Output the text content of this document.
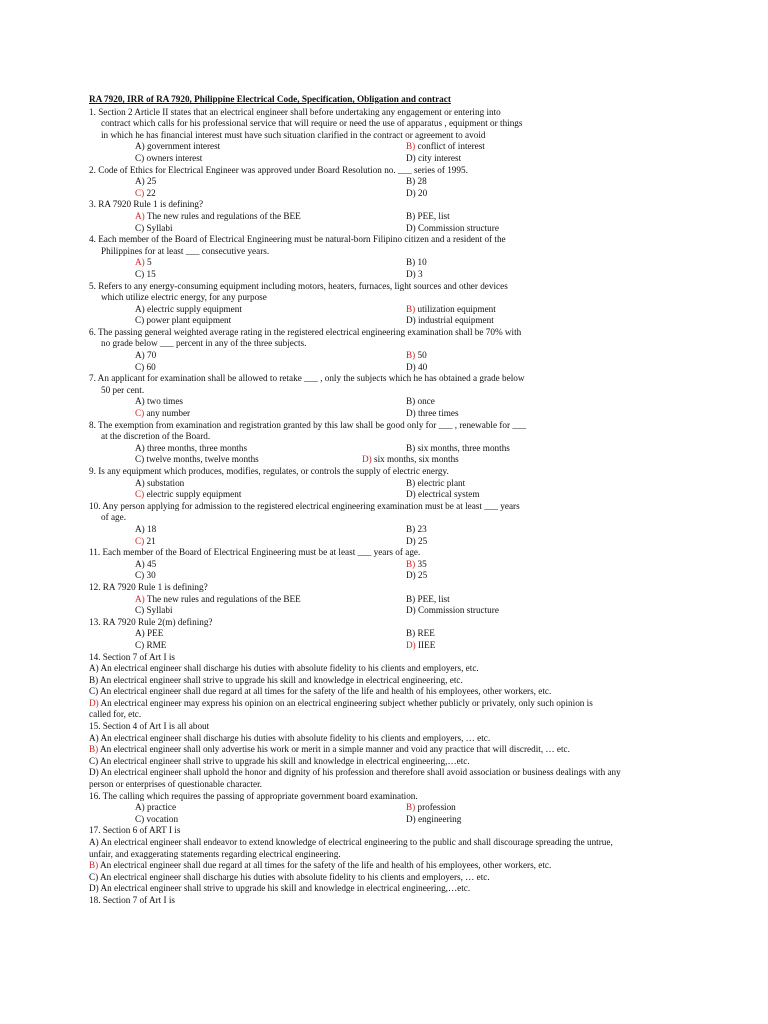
RA 7920, IRR of RA 7920, Philippine Electrical Code, Specification, Obligation and contract
1. Section 2 Article II states that an electrical engineer shall before undertaking any engagement or entering into
contract which calls for his professional service that will require or need the use of apparatus , equipment or things
in which he has financial interest must have such situation clarified in the contract or agreement to avoid
A) government interest	B) conflict of interest
C) owners interest	D) city interest
2. Code of Ethics for Electrical Engineer was approved under Board Resolution no. ___ series of 1995.
A) 25	B) 28
C) 22	D) 20
3. RA 7920 Rule 1 is defining?
A) The new rules and regulations of the BEE	B) PEE, list
C) Syllabi	D) Commission structure
4. Each member of the Board of Electrical Engineering must be natural-born Filipino citizen and a resident of the
Philippines for at least ___ consecutive years.
A) 5	B) 10
C) 15	D) 3
5. Refers to any energy-consuming equipment including motors, heaters, furnaces, light sources and other devices
which utilize electric energy, for any purpose
A) electric supply equipment	B) utilization equipment
C) power plant equipment	D) industrial equipment
6. The passing general weighted average rating in the registered electrical engineering examination shall be 70% with
no grade below ___ percent in any of the three subjects.
A) 70	B) 50
C) 60	D) 40
7. An applicant for examination shall be allowed to retake ___ , only the subjects which he has obtained a grade below
50 per cent.
A) two times	B) once
C) any number	D) three times
8. The exemption from examination and registration granted by this law shall be good only for ___ , renewable for ___
at the discretion of the Board.
A) three months, three months	B) six months, three months
C) twelve months, twelve months	D) six months, six months
9. Is any equipment which produces, modifies, regulates, or controls the supply of electric energy.
A) substation	B) electric plant
C) electric supply equipment	D) electrical system
10. Any person applying for admission to the registered electrical engineering examination must be at least ___ years
of age.
A) 18	B) 23
C) 21	D) 25
11. Each member of the Board of Electrical Engineering must be at least ___ years of age.
A) 45	B) 35
C) 30	D) 25
12. RA 7920 Rule 1 is defining?
A) The new rules and regulations of the BEE	B) PEE, list
C) Syllabi	D) Commission structure
13. RA 7920 Rule 2(m) defining?
A) PEE	B) REE
C) RME	D) IIEE
14. Section 7 of Art I is
A) An electrical engineer shall discharge his duties with absolute fidelity to his clients and employers, etc.
B) An electrical engineer shall strive to upgrade his skill and knowledge in electrical engineering, etc.
C) An electrical engineer shall due regard at all times for the safety of the life and health of his employees, other workers, etc.
D) An electrical engineer may express his opinion on an electrical engineering subject whether publicly or privately, only such opinion is
called for, etc.
15. Section 4 of Art I is all about
A) An electrical engineer shall discharge his duties with absolute fidelity to his clients and employers, … etc.
B) An electrical engineer shall only advertise his work or merit in a simple manner and void any practice that will discredit, … etc.
C) An electrical engineer shall strive to upgrade his skill and knowledge in electrical engineering,…etc.
D) An electrical engineer shall uphold the honor and dignity of his profession and therefore shall avoid association or business dealings with any
person or enterprises of questionable character.
16. The calling which requires the passing of appropriate government board examination.
A) practice	B) profession
C) vocation	D) engineering
17. Section 6 of ART I is
A) An electrical engineer shall endeavor to extend knowledge of electrical engineering to the public and shall discourage spreading the untrue,
unfair, and exaggerating statements regarding electrical engineering.
B) An electrical engineer shall due regard at all times for the safety of the life and health of his employees, other workers, etc.
C) An electrical engineer shall discharge his duties with absolute fidelity to his clients and employers, … etc.
D) An electrical engineer shall strive to upgrade his skill and knowledge in electrical engineering,…etc.
18. Section 7 of Art I is
